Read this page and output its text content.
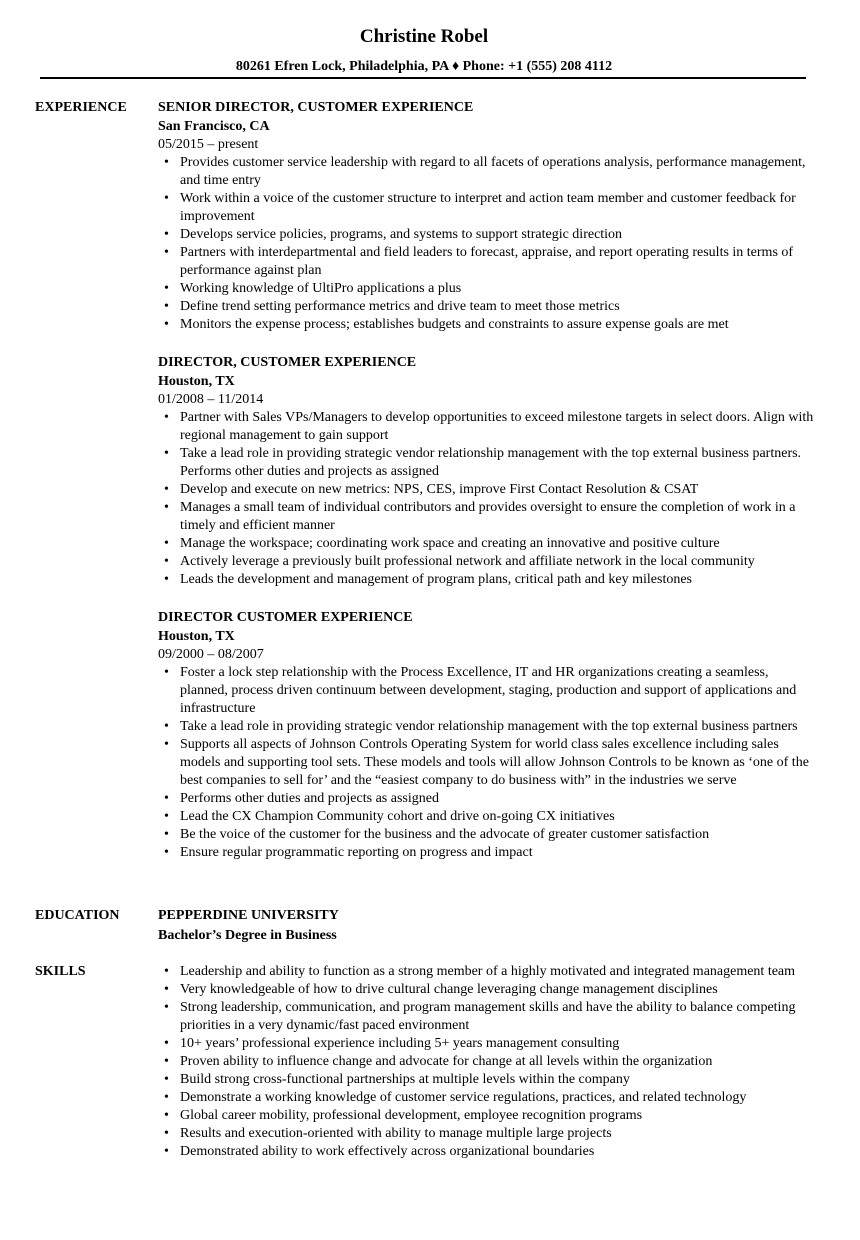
Christine Robel
80261 Efren Lock, Philadelphia, PA ♦ Phone: +1 (555) 208 4112
EXPERIENCE SENIOR DIRECTOR, CUSTOMER EXPERIENCE
San Francisco, CA
05/2015 – present
• Provides customer service leadership with regard to all facets of operations analysis, performance management, and time entry
• Work within a voice of the customer structure to interpret and action team member and customer feedback for improvement
• Develops service policies, programs, and systems to support strategic direction
• Partners with interdepartmental and field leaders to forecast, appraise, and report operating results in terms of performance against plan
• Working knowledge of UltiPro applications a plus
• Define trend setting performance metrics and drive team to meet those metrics
• Monitors the expense process; establishes budgets and constraints to assure expense goals are met
DIRECTOR, CUSTOMER EXPERIENCE
Houston, TX
01/2008 – 11/2014
• Partner with Sales VPs/Managers to develop opportunities to exceed milestone targets in select doors. Align with regional management to gain support
• Take a lead role in providing strategic vendor relationship management with the top external business partners. Performs other duties and projects as assigned
• Develop and execute on new metrics: NPS, CES, improve First Contact Resolution & CSAT
• Manages a small team of individual contributors and provides oversight to ensure the completion of work in a timely and efficient manner
• Manage the workspace; coordinating work space and creating an innovative and positive culture
• Actively leverage a previously built professional network and affiliate network in the local community
• Leads the development and management of program plans, critical path and key milestones
DIRECTOR CUSTOMER EXPERIENCE
Houston, TX
09/2000 – 08/2007
• Foster a lock step relationship with the Process Excellence, IT and HR organizations creating a seamless, planned, process driven continuum between development, staging, production and support of applications and infrastructure
• Take a lead role in providing strategic vendor relationship management with the top external business partners
• Supports all aspects of Johnson Controls Operating System for world class sales excellence including sales models and supporting tool sets. These models and tools will allow Johnson Controls to be known as ‘one of the best companies to sell for’ and the “easiest company to do business with” in the industries we serve
• Performs other duties and projects as assigned
• Lead the CX Champion Community cohort and drive on-going CX initiatives
• Be the voice of the customer for the business and the advocate of greater customer satisfaction
• Ensure regular programmatic reporting on progress and impact
EDUCATION	PEPPERDINE UNIVERSITY
Bachelor’s Degree in Business
SKILLS
•	Leadership and ability to function as a strong member of a highly motivated and integrated management team
• Very knowledgeable of how to drive cultural change leveraging change management disciplines
• Strong leadership, communication, and program management skills and have the ability to balance competing priorities in a very dynamic/fast paced environment
• 10+ years’ professional experience including 5+ years management consulting
• Proven ability to influence change and advocate for change at all levels within the organization
• Build strong cross-functional partnerships at multiple levels within the company
• Demonstrate a working knowledge of customer service regulations, practices, and related technology
• Global career mobility, professional development, employee recognition programs
• Results and execution-oriented with ability to manage multiple large projects
• Demonstrated ability to work effectively across organizational boundaries
